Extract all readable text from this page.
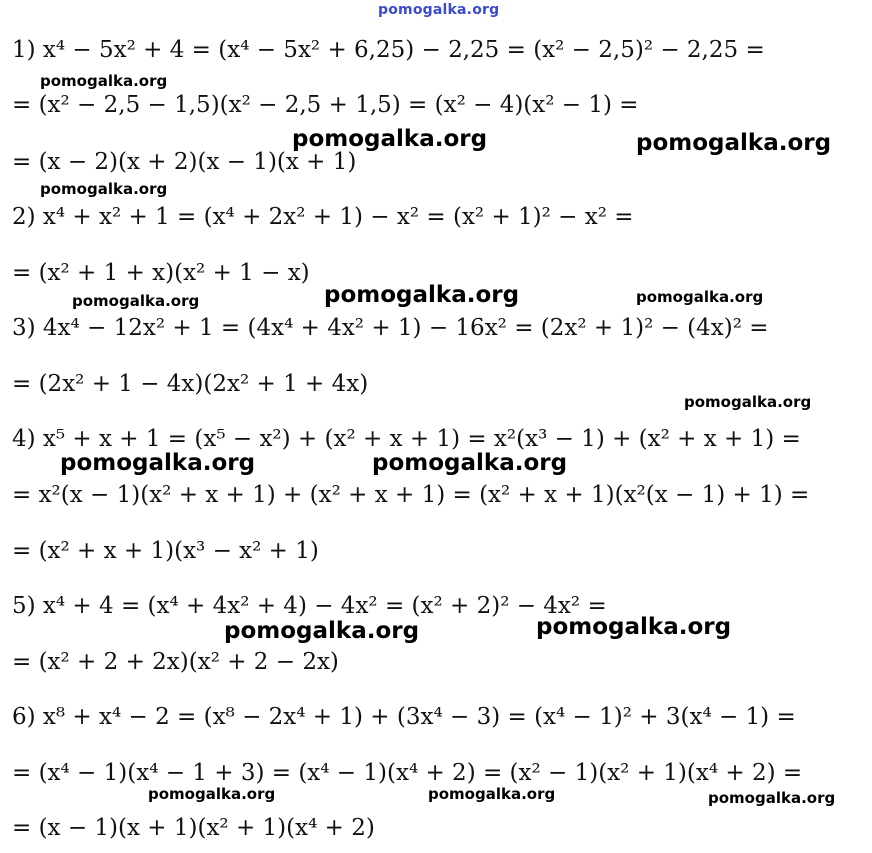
pomogalka.org
1) x⁴ − 5x² + 4 = (x⁴ − 5x² + 6,25) − 2,25 = (x² − 2,5)² − 2,25 =
= (x² − 2,5 − 1,5)(x² − 2,5 + 1,5) = (x² − 4)(x² − 1) =
= (x − 2)(x + 2)(x − 1)(x + 1)
2) x⁴ + x² + 1 = (x⁴ + 2x² + 1) − x² = (x² + 1)² − x² =
= (x² + 1 + x)(x² + 1 − x)
3) 4x⁴ − 12x² + 1 = (4x⁴ + 4x² + 1) − 16x² = (2x² + 1)² − (4x)² =
= (2x² + 1 − 4x)(2x² + 1 + 4x)
4) x⁵ + x + 1 = (x⁵ − x²) + (x² + x + 1) = x²(x³ − 1) + (x² + x + 1) =
= x²(x − 1)(x² + x + 1) + (x² + x + 1) = (x² + x + 1)(x²(x − 1) + 1) =
= (x² + x + 1)(x³ − x² + 1)
5) x⁴ + 4 = (x⁴ + 4x² + 4) − 4x² = (x² + 2)² − 4x² =
= (x² + 2 + 2x)(x² + 2 − 2x)
6) x⁸ + x⁴ − 2 = (x⁸ − 2x⁴ + 1) + (3x⁴ − 3) = (x⁴ − 1)² + 3(x⁴ − 1) =
= (x⁴ − 1)(x⁴ − 1 + 3) = (x⁴ − 1)(x⁴ + 2) = (x² − 1)(x² + 1)(x⁴ + 2) =
= (x − 1)(x + 1)(x² + 1)(x⁴ + 2)
pomogalka.org
pomogalka.org	pomogalka.org
pomogalka.org
pomogalka.org	pomogalka.org	pomogalka.org
pomogalka.org
pomogalka.org	pomogalka.org
pomogalka.org	pomogalka.org
pomogalka.org	pomogalka.org	pomogalka.org
